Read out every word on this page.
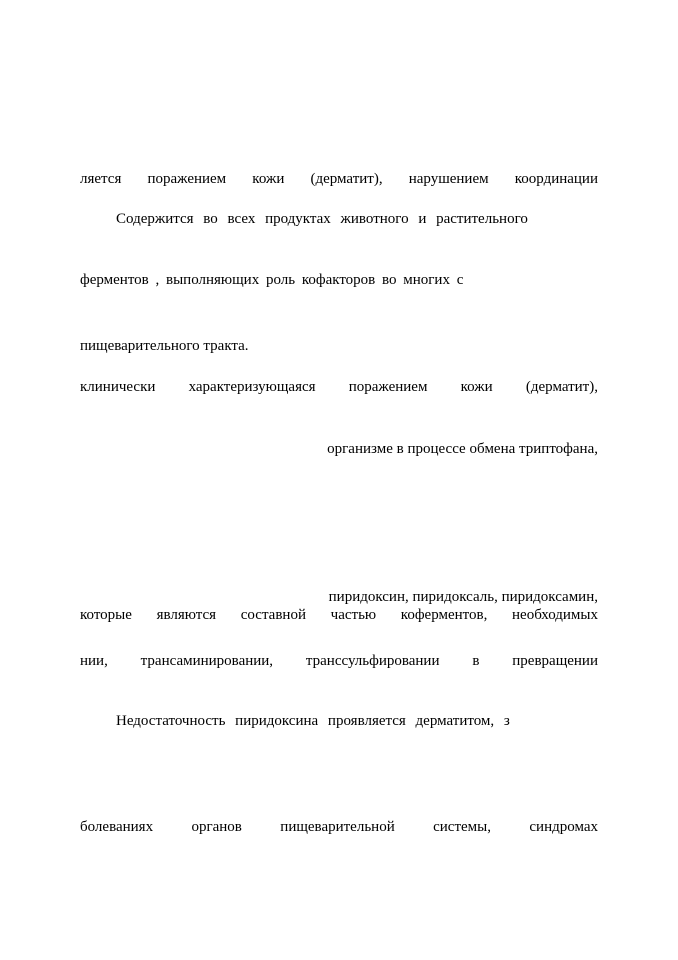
ляется поражением кожи (дерматит), нарушением координации
Содержится во всех продуктах животного и растительного
ферментов , выполняющих роль кофакторов во многих с
пищеварительного тракта.
клинически характеризующаяся поражением кожи (дерматит),
организме в процессе обмена триптофана,
пиридоксин, пиридоксаль, пиридоксамин,
которые являются составной частью коферментов, необходимых
нии, трансаминировании, транссульфировании в превращении
Недостаточность пиридоксина проявляется дерматитом, з
болеваниях органов пищеварительной системы, синдромах
